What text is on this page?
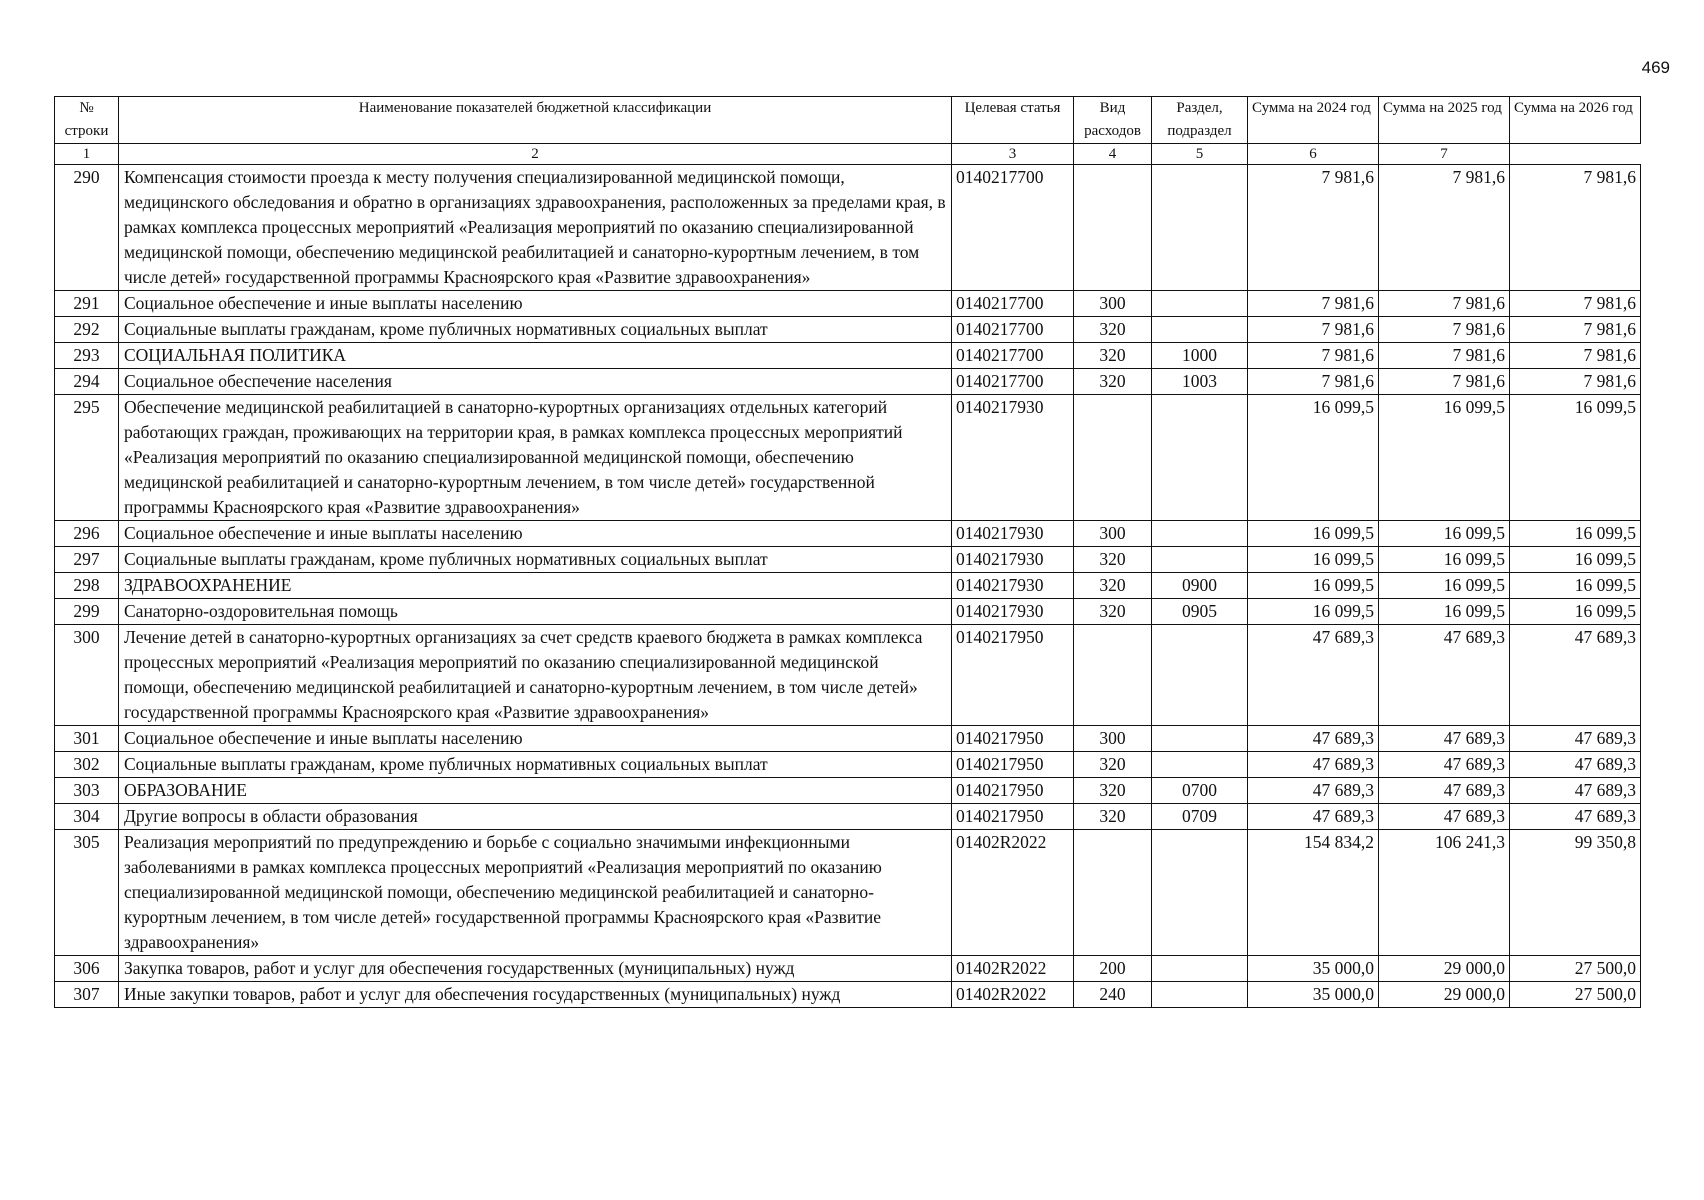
469
№ строки	Наименование показателей бюджетной классификации	Целевая статья	Вид расходов	Раздел, подраздел	Сумма на 2024 год	Сумма на 2025 год	Сумма на 2026 год
1	2	3	4	5	6	7	
290	Компенсация стоимости проезда к месту получения специализированной медицинской помощи, медицинского обследования и обратно в организациях здравоохранения, расположенных за пределами края, в рамках комплекса процессных мероприятий «Реализация мероприятий по оказанию специализированной медицинской помощи, обеспечению медицинской реабилитацией и санаторно-курортным лечением, в том числе детей» государственной программы Красноярского края «Развитие здравоохранения»	0140217700			7 981,6	7 981,6	7 981,6
291	Социальное обеспечение и иные выплаты населению	0140217700	300		7 981,6	7 981,6	7 981,6
292	Социальные выплаты гражданам, кроме публичных нормативных социальных выплат	0140217700	320		7 981,6	7 981,6	7 981,6
293	СОЦИАЛЬНАЯ ПОЛИТИКА	0140217700	320	1000	7 981,6	7 981,6	7 981,6
294	Социальное обеспечение населения	0140217700	320	1003	7 981,6	7 981,6	7 981,6
295	Обеспечение медицинской реабилитацией в санаторно-курортных организациях отдельных категорий работающих граждан, проживающих на территории края, в рамках комплекса процессных мероприятий «Реализация мероприятий по оказанию специализированной медицинской помощи, обеспечению медицинской реабилитацией и санаторно-курортным лечением, в том числе детей» государственной программы Красноярского края «Развитие здравоохранения»	0140217930			16 099,5	16 099,5	16 099,5
296	Социальное обеспечение и иные выплаты населению	0140217930	300		16 099,5	16 099,5	16 099,5
297	Социальные выплаты гражданам, кроме публичных нормативных социальных выплат	0140217930	320		16 099,5	16 099,5	16 099,5
298	ЗДРАВООХРАНЕНИЕ	0140217930	320	0900	16 099,5	16 099,5	16 099,5
299	Санаторно-оздоровительная помощь	0140217930	320	0905	16 099,5	16 099,5	16 099,5
300	Лечение детей в санаторно-курортных организациях за счет средств краевого бюджета в рамках комплекса процессных мероприятий «Реализация мероприятий по оказанию специализированной медицинской помощи, обеспечению медицинской реабилитацией и санаторно-курортным лечением, в том числе детей» государственной программы Красноярского края «Развитие здравоохранения»	0140217950			47 689,3	47 689,3	47 689,3
301	Социальное обеспечение и иные выплаты населению	0140217950	300		47 689,3	47 689,3	47 689,3
302	Социальные выплаты гражданам, кроме публичных нормативных социальных выплат	0140217950	320		47 689,3	47 689,3	47 689,3
303	ОБРАЗОВАНИЕ	0140217950	320	0700	47 689,3	47 689,3	47 689,3
304	Другие вопросы в области образования	0140217950	320	0709	47 689,3	47 689,3	47 689,3
305	Реализация мероприятий по предупреждению и борьбе с социально значимыми инфекционными заболеваниями в рамках комплекса процессных мероприятий «Реализация мероприятий по оказанию специализированной медицинской помощи, обеспечению медицинской реабилитацией и санаторно-курортным лечением, в том числе детей» государственной программы Красноярского края «Развитие здравоохранения»	01402R2022			154 834,2	106 241,3	99 350,8
306	Закупка товаров, работ и услуг для обеспечения государственных (муниципальных) нужд	01402R2022	200		35 000,0	29 000,0	27 500,0
307	Иные закупки товаров, работ и услуг для обеспечения государственных (муниципальных) нужд	01402R2022	240		35 000,0	29 000,0	27 500,0
